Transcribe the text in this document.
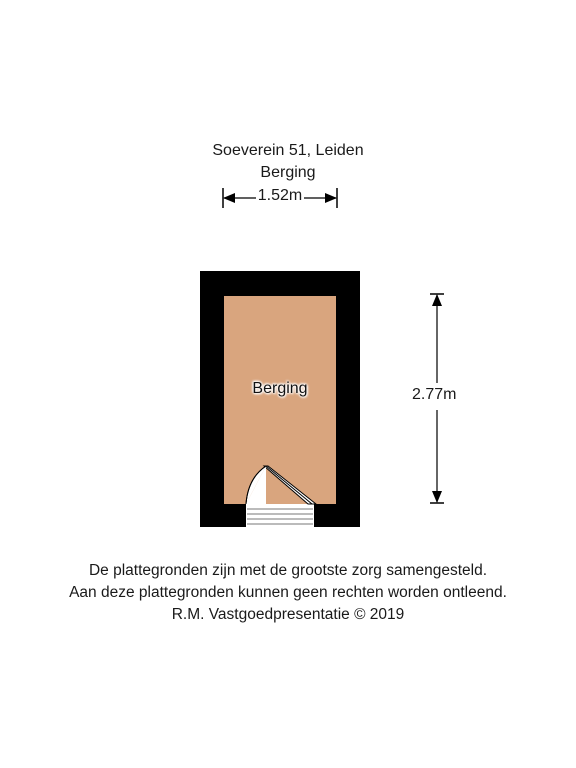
Soeverein 51, Leiden
Berging
1.52m
2.77m
Berging
De plattegronden zijn met de grootste zorg samengesteld.
Aan deze plattegronden kunnen geen rechten worden ontleend.
R.M. Vastgoedpresentatie © 2019
